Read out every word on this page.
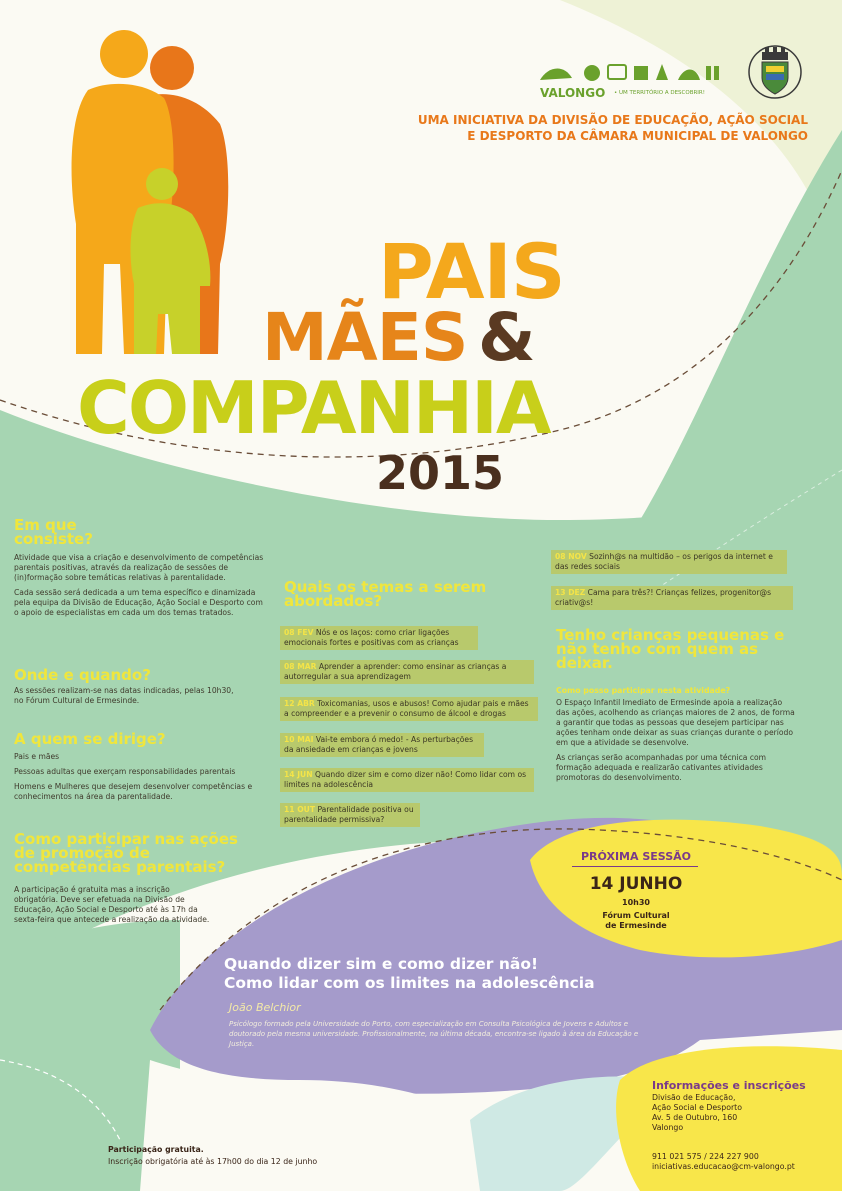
VALONGO • UM TERRITÓRIO A DESCOBRIR!
UMA INICIATIVA DA DIVISÃO DE EDUCAÇÃO, AÇÃO SOCIAL
E DESPORTO DA CÂMARA MUNICIPAL DE VALONGO
PAIS
MÃES &
COMPANHIA
2015
Em que consiste?

Atividade que visa a criação e desenvolvimento de competências parentais positivas, através da realização de sessões de (in)formação sobre temáticas relativas à parentalidade.

Cada sessão será dedicada a um tema específico e dinamizada pela equipa da Divisão de Educação, Ação Social e Desporto com o apoio de especialistas em cada um dos temas tratados.

Onde e quando?

As sessões realizam-se nas datas indicadas, pelas 10h30, no Fórum Cultural de Ermesinde.

A quem se dirige?

Pais e mães

Pessoas adultas que exerçam responsabilidades parentais

Homens e Mulheres que desejem desenvolver competências e conhecimentos na área da parentalidade.

Como participar nas ações de promoção de competências parentais?

A participação é gratuita mas a inscrição obrigatória. Deve ser efetuada na Divisão de Educação, Ação Social e Desporto até às 17h da sexta-feira que antecede a realização da atividade.

Quais os temas a serem abordados?
08 FEV Nós e os laços: como criar ligações emocionais fortes e positivas com as crianças
08 MAR Aprender a aprender: como ensinar as crianças a autorregular a sua aprendizagem
12 ABR Toxicomanias, usos e abusos! Como ajudar pais e mães a compreender e a prevenir o consumo de álcool e drogas
10 MAI Vai-te embora ó medo! - As perturbações da ansiedade em crianças e jovens
14 JUN Quando dizer sim e como dizer não! Como lidar com os limites na adolescência
11 OUT Parentalidade positiva ou parentalidade permissiva?
08 NOV Sozinh@s na multidão – os perigos da internet e das redes sociais
13 DEZ Cama para três?! Crianças felizes, progenitor@s criativ@s!
Tenho crianças pequenas e não tenho com quem as deixar.

Como posso participar nesta atividade?

O Espaço Infantil Imediato de Ermesinde apoia a realização das ações, acolhendo as crianças maiores de 2 anos, de forma a garantir que todas as pessoas que desejem participar nas ações tenham onde deixar as suas crianças durante o período em que a atividade se desenvolve.

As crianças serão acompanhadas por uma técnica com formação adequada e realizarão cativantes atividades promotoras do desenvolvimento.

PRÓXIMA SESSÃO
14 JUNHO
10h30
Fórum Cultural
de Ermesinde
Quando dizer sim e como dizer não!
Como lidar com os limites na adolescência
João Belchior
Psicólogo formado pela Universidade do Porto, com especialização em Consulta Psicológica de Jovens e Adultos e doutorado pela mesma universidade. Profissionalmente, na última década, encontra-se ligado à área da Educação e Justiça.
Informações e inscrições
Divisão de Educação,
Ação Social e Desporto
Av. 5 de Outubro, 160
Valongo
911 021 575 / 224 227 900
iniciativas.educacao@cm-valongo.pt
Participação gratuita.
Inscrição obrigatória até às 17h00 do dia 12 de junho
